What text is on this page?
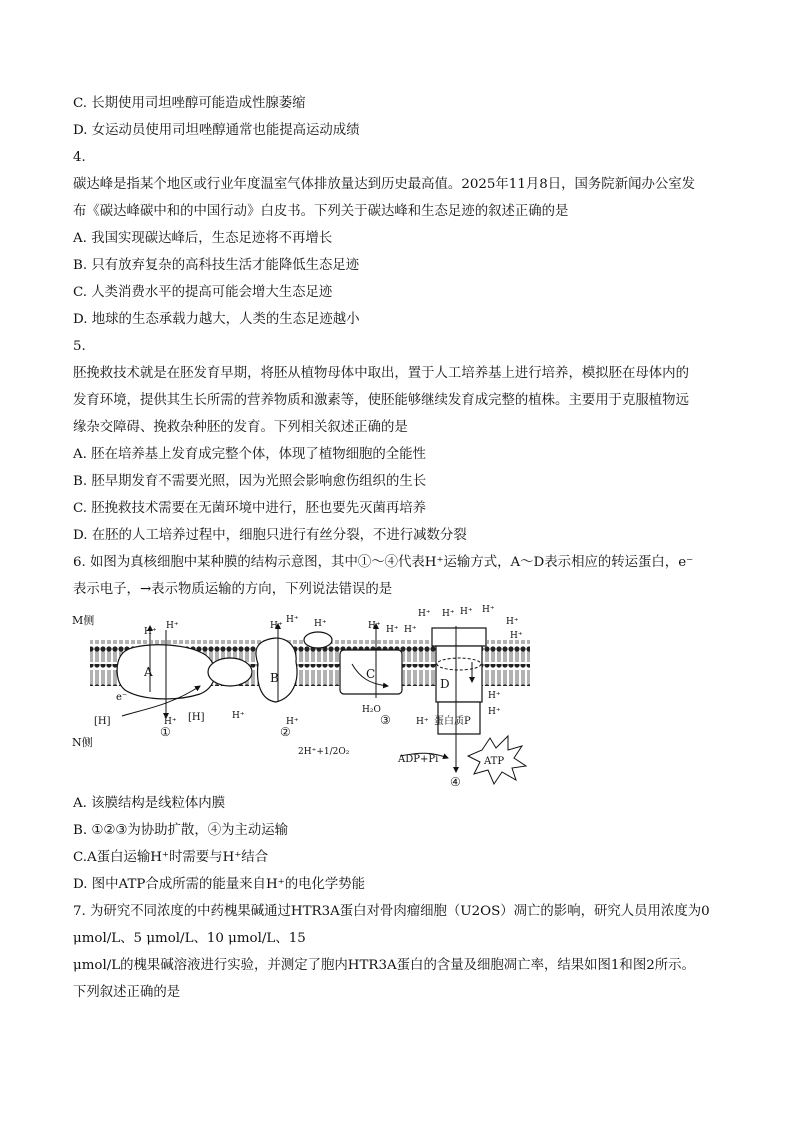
C. 长期使用司坦唑醇可能造成性腺萎缩
D. 女运动员使用司坦唑醇通常也能提高运动成绩
4.
碳达峰是指某个地区或行业年度温室气体排放量达到历史最高值。2025年11月8日，国务院新闻办公室发
布《碳达峰碳中和的中国行动》白皮书。下列关于碳达峰和生态足迹的叙述正确的是
A. 我国实现碳达峰后，生态足迹将不再增长
B. 只有放弃复杂的高科技生活才能降低生态足迹
C. 人类消费水平的提高可能会增大生态足迹
D. 地球的生态承载力越大，人类的生态足迹越小
5.
胚挽救技术就是在胚发育早期，将胚从植物母体中取出，置于人工培养基上进行培养，模拟胚在母体内的
发育环境，提供其生长所需的营养物质和激素等，使胚能够继续发育成完整的植株。主要用于克服植物远
缘杂交障碍、挽救杂种胚的发育。下列相关叙述正确的是
A. 胚在培养基上发育成完整个体，体现了植物细胞的全能性
B. 胚早期发育不需要光照，因为光照会影响愈伤组织的生长
C. 胚挽救技术需要在无菌环境中进行，胚也要先灭菌再培养
D. 在胚的人工培养过程中，细胞只进行有丝分裂，不进行减数分裂
6. 如图为真核细胞中某种膜的结构示意图，其中①～④代表H⁺运输方式，A～D表示相应的转运蛋白，e⁻
表示电子，→表示物质运输的方向，下列说法错误的是
M侧
N侧
H⁺
H⁺	H⁺
H⁺ H⁺	H⁺ H⁺ H⁺
H⁺ H⁺ H⁺ H⁺
H⁺
H⁺
H⁺
H⁺
H⁺	H⁺
H⁺
H⁺
A	B	C
D
e⁻
[H]	[H]
2H⁺+1/2O₂
H₂O
蛋白质P
ADP+Pi	ATP
①	②
③
④
A. 该膜结构是线粒体内膜
B. ①②③为协助扩散，④为主动运输
C.A蛋白运输H⁺时需要与H⁺结合
D. 图中ATP合成所需的能量来自H⁺的电化学势能
7. 为研究不同浓度的中药槐果碱通过HTR3A蛋白对骨肉瘤细胞（U2OS）凋亡的影响，研究人员用浓度为0
μmol/L、5 μmol/L、10 μmol/L、15
μmol/L的槐果碱溶液进行实验，并测定了胞内HTR3A蛋白的含量及细胞凋亡率，结果如图1和图2所示。
下列叙述正确的是
